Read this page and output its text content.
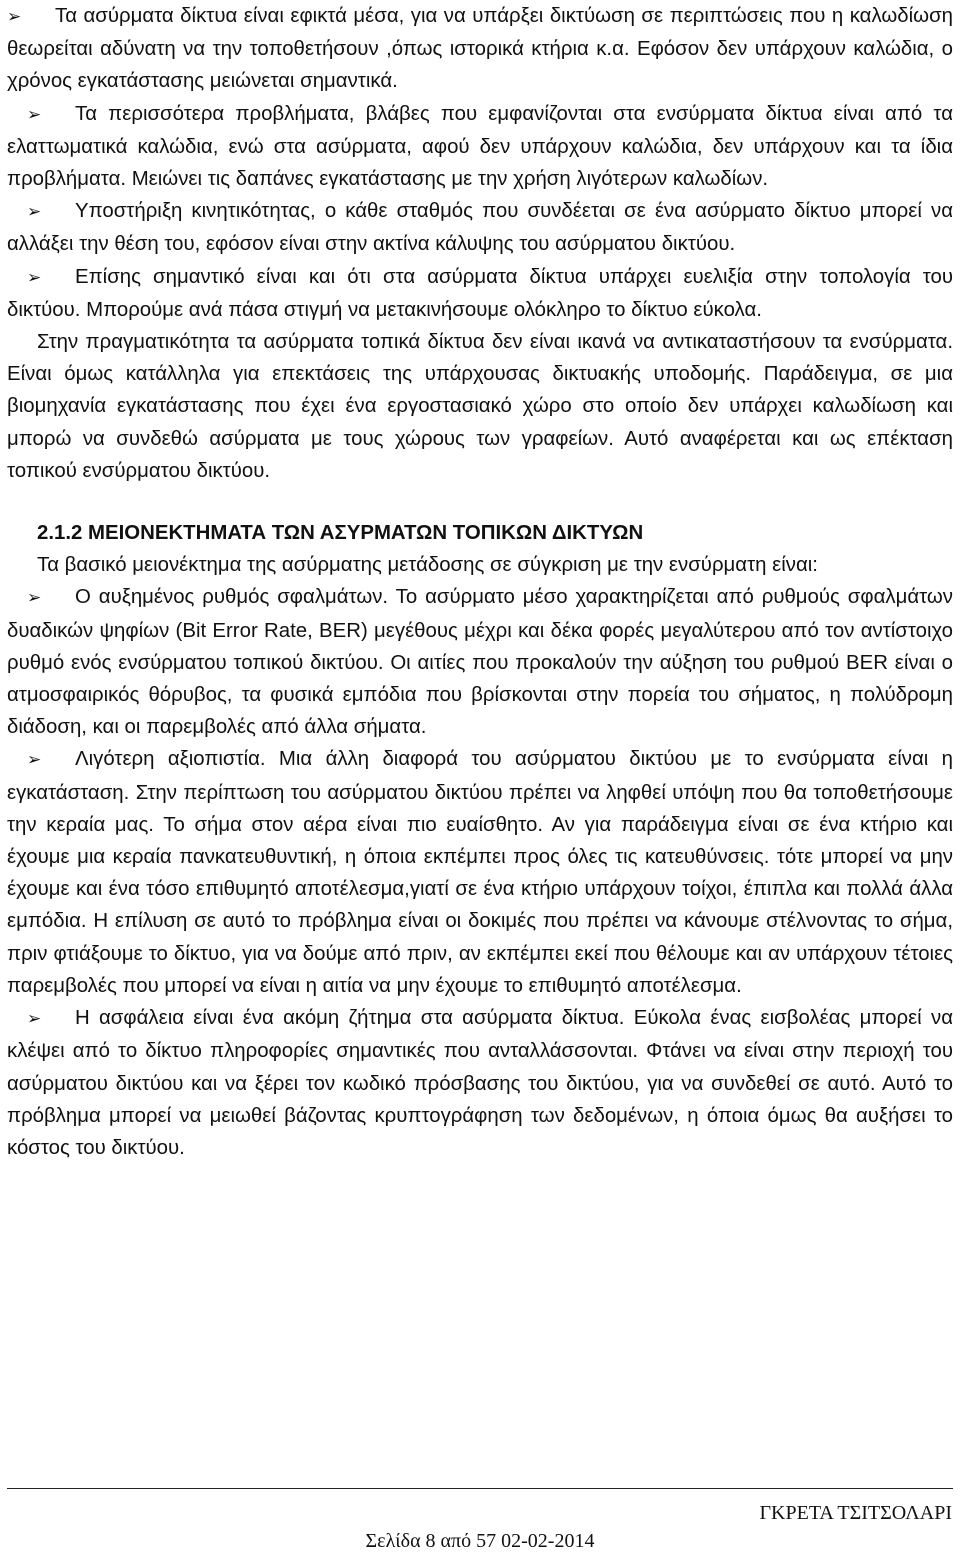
➢ Τα ασύρματα δίκτυα είναι εφικτά μέσα, για να υπάρξει δικτύωση σε περιπτώσεις που η καλωδίωση θεωρείται αδύνατη να την τοποθετήσουν ,όπως ιστορικά κτήρια κ.α. Εφόσον δεν υπάρχουν καλώδια, ο χρόνος εγκατάστασης μειώνεται σημαντικά.

➢ Τα περισσότερα προβλήματα, βλάβες που εμφανίζονται στα ενσύρματα δίκτυα είναι από τα ελαττωματικά καλώδια, ενώ στα ασύρματα, αφού δεν υπάρχουν καλώδια, δεν υπάρχουν και τα ίδια προβλήματα. Μειώνει τις δαπάνες εγκατάστασης με την χρήση λιγότερων καλωδίων.

➢ Υποστήριξη κινητικότητας, ο κάθε σταθμός που συνδέεται σε ένα ασύρματο δίκτυο μπορεί να αλλάξει την θέση του, εφόσον είναι στην ακτίνα κάλυψης του ασύρματου δικτύου.

➢ Επίσης σημαντικό είναι και ότι στα ασύρματα δίκτυα υπάρχει ευελιξία στην τοπολογία του δικτύου. Μπορούμε ανά πάσα στιγμή να μετακινήσουμε ολόκληρο το δίκτυο εύκολα.

Στην πραγματικότητα τα ασύρματα τοπικά δίκτυα δεν είναι ικανά να αντικαταστήσουν τα ενσύρματα. Είναι όμως κατάλληλα για επεκτάσεις της υπάρχουσας δικτυακής υποδομής. Παράδειγμα, σε μια βιομηχανία εγκατάστασης που έχει ένα εργοστασιακό χώρο στο οποίο δεν υπάρχει καλωδίωση και μπορώ να συνδεθώ ασύρματα με τους χώρους των γραφείων. Αυτό αναφέρεται και ως επέκταση τοπικού ενσύρματου δικτύου.

2.1.2 ΜΕΙΟΝΕΚΤΗΜΑΤΑ ΤΩΝ ΑΣΥΡΜΑΤΩΝ ΤΟΠΙΚΩΝ ΔΙΚΤΥΩΝ

Τα βασικό μειονέκτημα της ασύρματης μετάδοσης σε σύγκριση με την ενσύρματη είναι:

➢ Ο αυξημένος ρυθμός σφαλμάτων. Το ασύρματο μέσο χαρακτηρίζεται από ρυθμούς σφαλμάτων δυαδικών ψηφίων (Bit Error Rate, BER) μεγέθους μέχρι και δέκα φορές μεγαλύτερου από τον αντίστοιχο ρυθμό ενός ενσύρματου τοπικού δικτύου. Οι αιτίες που προκαλούν την αύξηση του ρυθμού BER είναι ο ατμοσφαιρικός θόρυβος, τα φυσικά εμπόδια που βρίσκονται στην πορεία του σήματος, η πολύδρομη διάδοση, και οι παρεμβολές από άλλα σήματα.

➢ Λιγότερη αξιοπιστία. Μια άλλη διαφορά του ασύρματου δικτύου με το ενσύρματα είναι η εγκατάσταση. Στην περίπτωση του ασύρματου δικτύου πρέπει να ληφθεί υπόψη που θα τοποθετήσουμε την κεραία μας. Το σήμα στον αέρα είναι πιο ευαίσθητο. Αν για παράδειγμα είναι σε ένα κτήριο και έχουμε μια κεραία πανκατευθυντική, η όποια εκπέμπει προς όλες τις κατευθύνσεις. τότε μπορεί να μην έχουμε και ένα τόσο επιθυμητό αποτέλεσμα,γιατί σε ένα κτήριο υπάρχουν τοίχοι, έπιπλα και πολλά άλλα εμπόδια. Η επίλυση σε αυτό το πρόβλημα είναι οι δοκιμές που πρέπει να κάνουμε στέλνοντας το σήμα, πριν φτιάξουμε το δίκτυο, για να δούμε από πριν, αν εκπέμπει εκεί που θέλουμε και αν υπάρχουν τέτοιες παρεμβολές που μπορεί να είναι η αιτία να μην έχουμε το επιθυμητό αποτέλεσμα.

➢ Η ασφάλεια είναι ένα ακόμη ζήτημα στα ασύρματα δίκτυα. Εύκολα ένας εισβολέας μπορεί να κλέψει από το δίκτυο πληροφορίες σημαντικές που ανταλλάσσονται. Φτάνει να είναι στην περιοχή του ασύρματου δικτύου και να ξέρει τον κωδικό πρόσβασης του δικτύου, για να συνδεθεί σε αυτό. Αυτό το πρόβλημα μπορεί να μειωθεί βάζοντας κρυπτογράφηση των δεδομένων, η όποια όμως θα αυξήσει το κόστος του δικτύου.

ΓΚΡΕΤΑ ΤΣΙΤΣΟΛΑΡΙ
Σελίδα 8 από 57 02-02-2014
